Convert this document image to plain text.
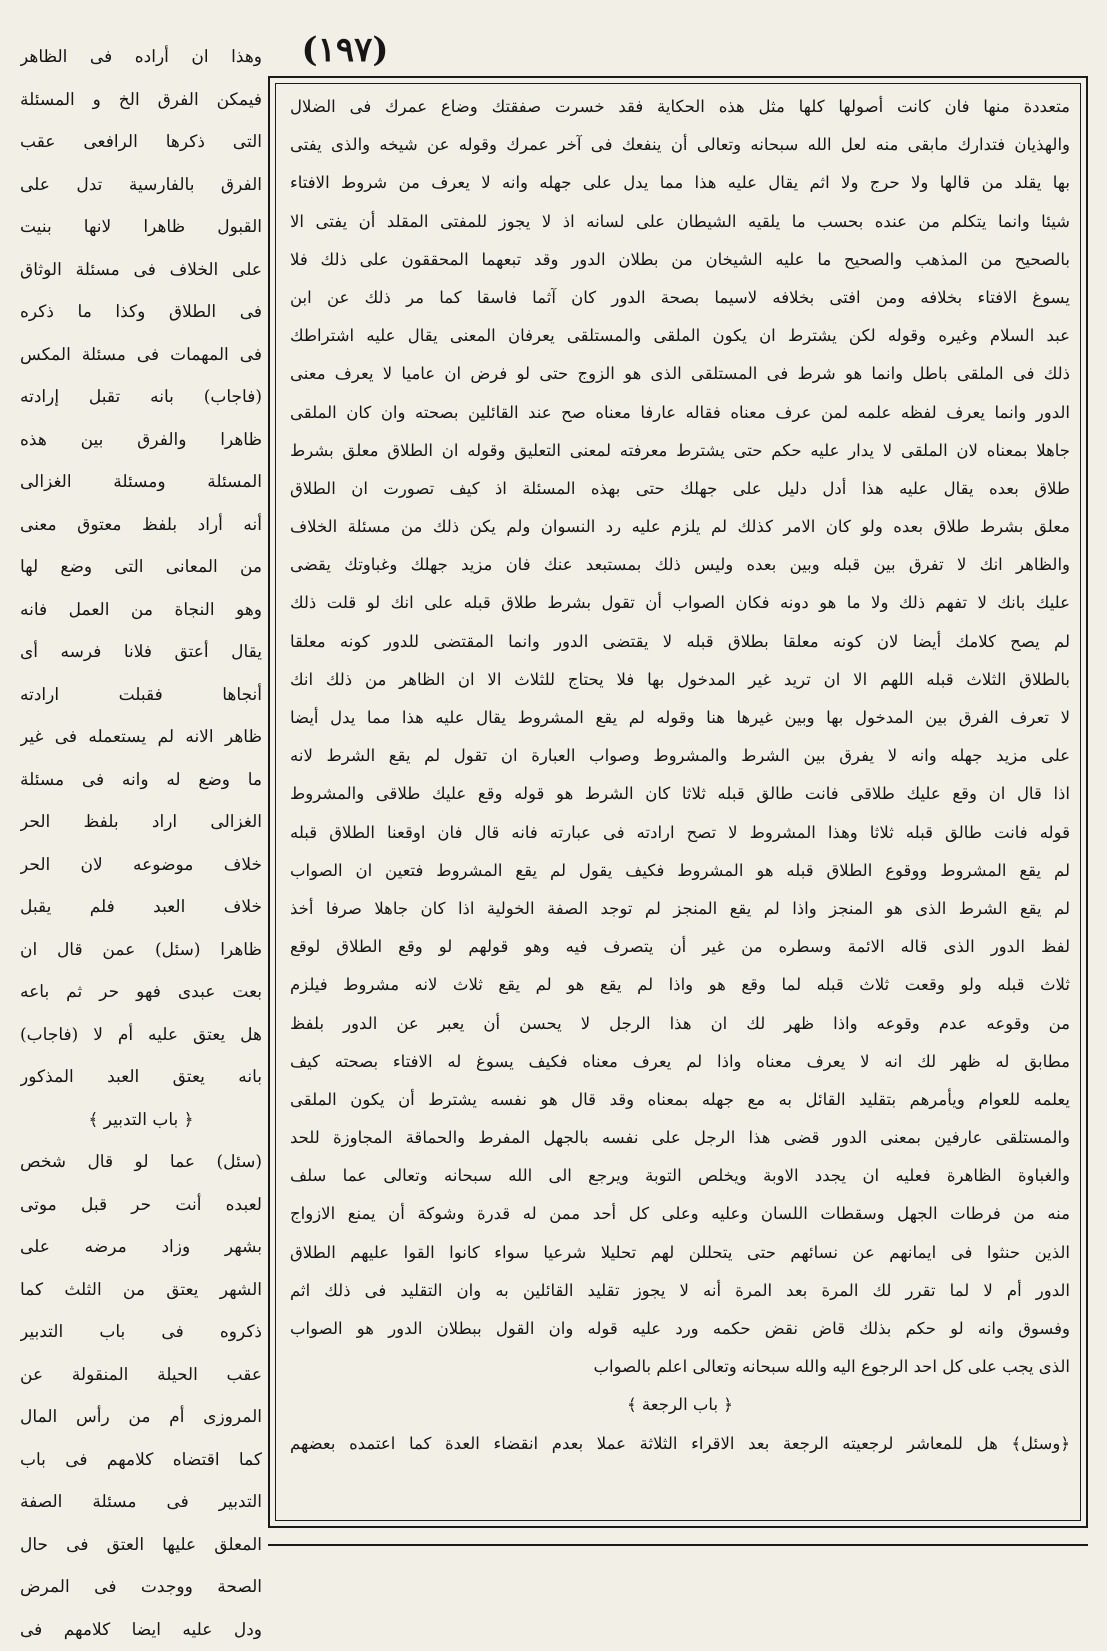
(١٩٧)
وهذا ان أراده فى الظاهر
فيمكن الفرق الخ و المسئلة
التى ذكرها الرافعى عقب
الفرق بالفارسية تدل على
القبول ظاهرا لانها بنيت
على الخلاف فى مسئلة الوثاق
فى الطلاق وكذا ما ذكره
فى المهمات فى مسئلة المكس
(فاجاب) بانه تقبل إرادته
ظاهرا والفرق بين هذه
المسئلة ومسئلة الغزالى
أنه أراد بلفظ معتوق معنى
من المعانى التى وضع لها
وهو النجاة من العمل فانه
يقال أعتق فلانا فرسه أى
أنجاها فقبلت ارادته
ظاهر الانه لم يستعمله فى غير
ما وضع له وانه فى مسئلة
الغزالى اراد بلفظ الحر
خلاف موضوعه لان الحر
خلاف العبد فلم يقبل
ظاهرا (سئل) عمن قال ان
بعت عبدى فهو حر ثم باعه
هل يعتق عليه أم لا (فاجاب)
بانه يعتق العبد المذكور
﴿ باب التدبير ﴾
(سئل) عما لو قال شخص
لعبده أنت حر قبل موتى
بشهر وزاد مرضه على
الشهر يعتق من الثلث كما
ذكروه فى باب التدبير
عقب الحيلة المنقولة عن
المروزى أم من رأس المال
كما اقتضاه كلامهم فى باب
التدبير فى مسئلة الصفة
المعلق عليها العتق فى حال
الصحة ووجدت فى المرض
ودل عليه ايضا كلامهم فى
متعددة منها فان كانت أصولها كلها مثل هذه الحكاية فقد خسرت صفقتك وضاع عمرك فى الضلال
والهذيان فتدارك مابقى منه لعل الله سبحانه وتعالى أن ينفعك فى آخر عمرك وقوله عن شيخه والذى يفتى
بها يقلد من قالها ولا حرج ولا اثم يقال عليه هذا مما يدل على جهله وانه لا يعرف من شروط الافتاء
شيئا وانما يتكلم من عنده بحسب ما يلقيه الشيطان على لسانه اذ لا يجوز للمفتى المقلد أن يفتى الا
بالصحيح من المذهب والصحيح ما عليه الشيخان من بطلان الدور وقد تبعهما المحققون على ذلك فلا
يسوغ الافتاء بخلافه ومن افتى بخلافه لاسيما بصحة الدور كان آثما فاسقا كما مر ذلك عن ابن
عبد السلام وغيره وقوله لكن يشترط ان يكون الملقى والمستلقى يعرفان المعنى يقال عليه اشتراطك
ذلك فى الملقى باطل وانما هو شرط فى المستلقى الذى هو الزوج حتى لو فرض ان عاميا لا يعرف معنى
الدور وانما يعرف لفظه علمه لمن عرف معناه فقاله عارفا معناه صح عند القائلين بصحته وان كان الملقى
جاهلا بمعناه لان الملقى لا يدار عليه حكم حتى يشترط معرفته لمعنى التعليق وقوله ان الطلاق معلق بشرط
طلاق بعده يقال عليه هذا أدل دليل على جهلك حتى بهذه المسئلة اذ كيف تصورت ان الطلاق
معلق بشرط طلاق بعده ولو كان الامر كذلك لم يلزم عليه رد النسوان ولم يكن ذلك من مسئلة الخلاف
والظاهر انك لا تفرق بين قبله وبين بعده وليس ذلك بمستبعد عنك فان مزيد جهلك وغباوتك يقضى
عليك بانك لا تفهم ذلك ولا ما هو دونه فكان الصواب أن تقول بشرط طلاق قبله على انك لو قلت ذلك
لم يصح كلامك أيضا لان كونه معلقا بطلاق قبله لا يقتضى الدور وانما المقتضى للدور كونه معلقا
بالطلاق الثلاث قبله اللهم الا ان تريد غير المدخول بها فلا يحتاج للثلاث الا ان الظاهر من ذلك انك
لا تعرف الفرق بين المدخول بها وبين غيرها هنا وقوله لم يقع المشروط يقال عليه هذا مما يدل أيضا
على مزيد جهله وانه لا يفرق بين الشرط والمشروط وصواب العبارة ان تقول لم يقع الشرط لانه
اذا قال ان وقع عليك طلاقى فانت طالق قبله ثلاثا كان الشرط هو قوله وقع عليك طلاقى والمشروط
قوله فانت طالق قبله ثلاثا وهذا المشروط لا تصح ارادته فى عبارته فانه قال فان اوقعنا الطلاق قبله
لم يقع المشروط ووقوع الطلاق قبله هو المشروط فكيف يقول لم يقع المشروط فتعين ان الصواب
لم يقع الشرط الذى هو المنجز واذا لم يقع المنجز لم توجد الصفة الخولية اذا كان جاهلا صرفا أخذ
لفظ الدور الذى قاله الائمة وسطره من غير أن يتصرف فيه وهو قولهم لو وقع الطلاق لوقع
ثلاث قبله ولو وقعت ثلاث قبله لما وقع هو واذا لم يقع هو لم يقع ثلاث لانه مشروط فيلزم
من وقوعه عدم وقوعه واذا ظهر لك ان هذا الرجل لا يحسن أن يعبر عن الدور بلفظ
مطابق له ظهر لك انه لا يعرف معناه واذا لم يعرف معناه فكيف يسوغ له الافتاء بصحته كيف
يعلمه للعوام ويأمرهم بتقليد القائل به مع جهله بمعناه وقد قال هو نفسه يشترط أن يكون الملقى
والمستلقى عارفين بمعنى الدور قضى هذا الرجل على نفسه بالجهل المفرط والحماقة المجاوزة للحد
والغباوة الظاهرة فعليه ان يجدد الاوبة ويخلص التوبة ويرجع الى الله سبحانه وتعالى عما سلف
منه من فرطات الجهل وسقطات اللسان وعليه وعلى كل أحد ممن له قدرة وشوكة أن يمنع الازواج
الذين حنثوا فى ايمانهم عن نسائهم حتى يتحللن لهم تحليلا شرعيا سواء كانوا القوا عليهم الطلاق
الدور أم لا لما تقرر لك المرة بعد المرة أنه لا يجوز تقليد القائلين به وان التقليد فى ذلك اثم
وفسوق وانه لو حكم بذلك قاض نقض حكمه ورد عليه قوله وان القول ببطلان الدور هو الصواب
الذى يجب على كل احد الرجوع اليه والله سبحانه وتعالى اعلم بالصواب
﴿ باب الرجعة ﴾
﴿وسئل﴾ هل للمعاشر لرجعيته الرجعة بعد الاقراء الثلاثة عملا بعدم انقضاء العدة كما اعتمده بعضهم
